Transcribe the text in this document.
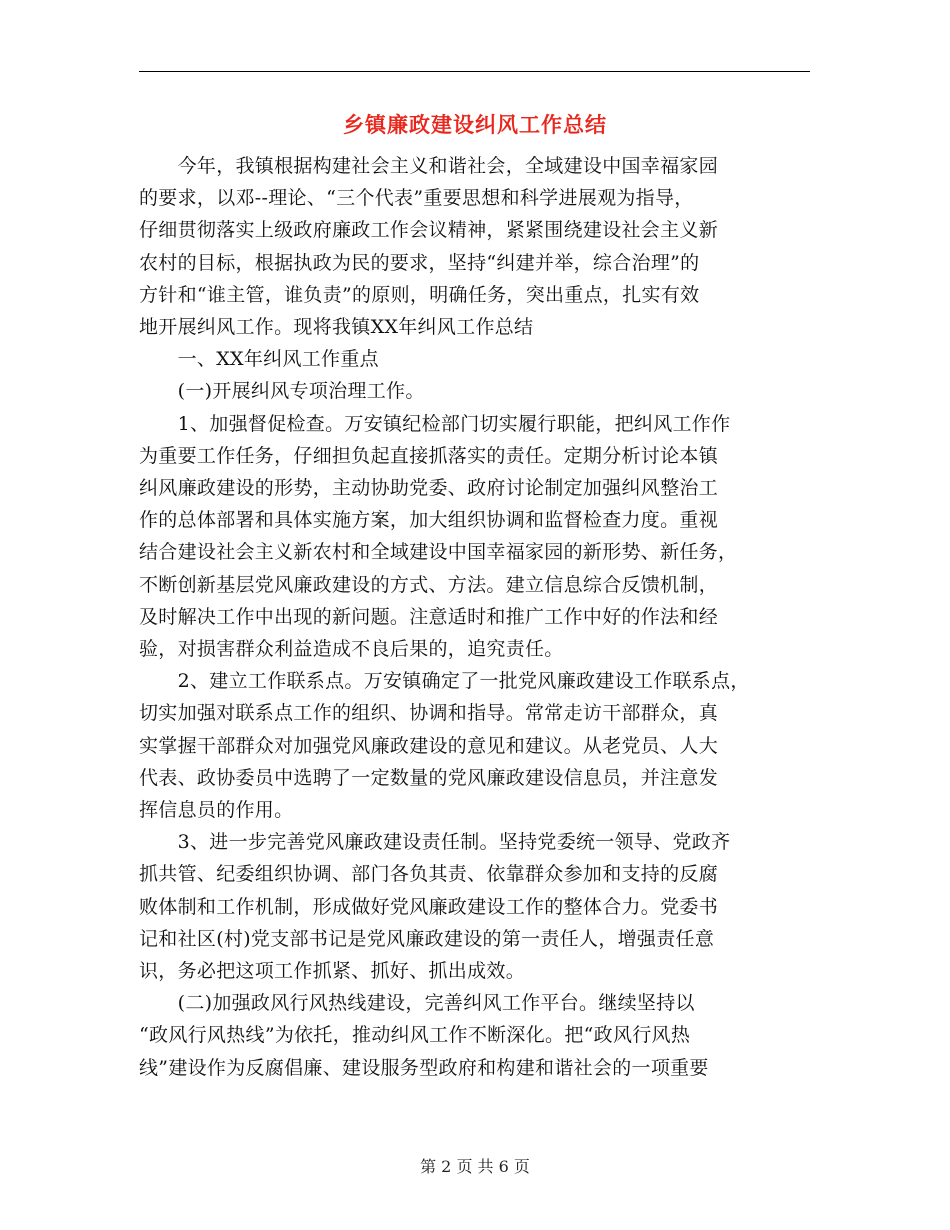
乡镇廉政建设纠风工作总结
　　今年，我镇根据构建社会主义和谐社会，全域建设中国幸福家园
的要求，以邓--理论、“三个代表”重要思想和科学进展观为指导，
仔细贯彻落实上级政府廉政工作会议精神，紧紧围绕建设社会主义新
农村的目标，根据执政为民的要求，坚持“纠建并举，综合治理”的
方针和“谁主管，谁负责”的原则，明确任务，突出重点，扎实有效
地开展纠风工作。现将我镇XX年纠风工作总结
　　一、XX年纠风工作重点
　　(一)开展纠风专项治理工作。
　　1、加强督促检查。万安镇纪检部门切实履行职能，把纠风工作作
为重要工作任务，仔细担负起直接抓落实的责任。定期分析讨论本镇
纠风廉政建设的形势，主动协助党委、政府讨论制定加强纠风整治工
作的总体部署和具体实施方案，加大组织协调和监督检查力度。重视
结合建设社会主义新农村和全域建设中国幸福家园的新形势、新任务，
不断创新基层党风廉政建设的方式、方法。建立信息综合反馈机制，
及时解决工作中出现的新问题。注意适时和推广工作中好的作法和经
验，对损害群众利益造成不良后果的，追究责任。
　　2、建立工作联系点。万安镇确定了一批党风廉政建设工作联系点，
切实加强对联系点工作的组织、协调和指导。常常走访干部群众，真
实掌握干部群众对加强党风廉政建设的意见和建议。从老党员、人大
代表、政协委员中选聘了一定数量的党风廉政建设信息员，并注意发
挥信息员的作用。
　　3、进一步完善党风廉政建设责任制。坚持党委统一领导、党政齐
抓共管、纪委组织协调、部门各负其责、依靠群众参加和支持的反腐
败体制和工作机制，形成做好党风廉政建设工作的整体合力。党委书
记和社区(村)党支部书记是党风廉政建设的第一责任人，增强责任意
识，务必把这项工作抓紧、抓好、抓出成效。
　　(二)加强政风行风热线建设，完善纠风工作平台。继续坚持以
“政风行风热线”为依托，推动纠风工作不断深化。把“政风行风热
线”建设作为反腐倡廉、建设服务型政府和构建和谐社会的一项重要
第 2 页 共 6 页
